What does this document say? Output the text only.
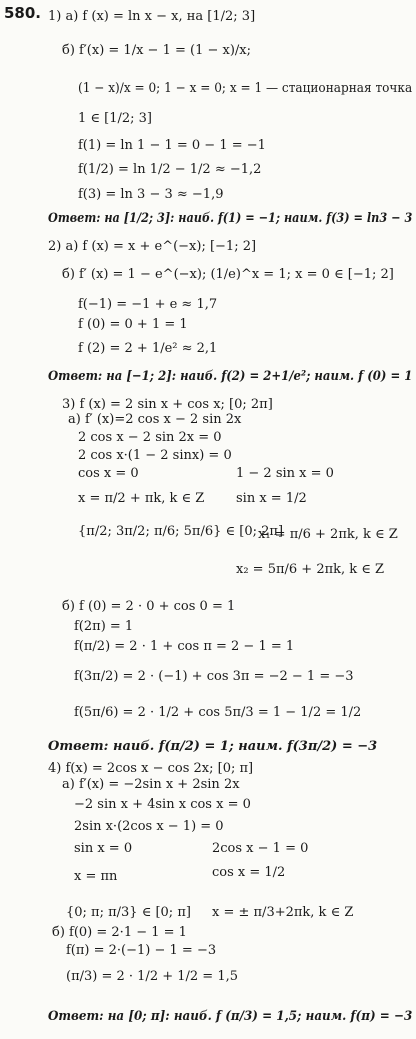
580. 1) а) f (x) = ln x − x, на [1/2; 3]
б) f′(x) = 1/x − 1 = (1 − x)/x;
(1 − x)/x = 0; 1 − x = 0; x = 1 — стационарная точка
1 ∈ [1/2; 3]
f(1) = ln 1 − 1 = 0 − 1 = −1
f(1/2) = ln 1/2 − 1/2 ≈ −1,2
f(3) = ln 3 − 3 ≈ −1,9
Ответ: на [1/2; 3]: наиб. f(1) = −1; наим. f(3) = ln3 − 3
2) а) f (x) = x + e^(−x); [−1; 2]
б) f′ (x) = 1 − e^(−x); (1/e)^x = 1; x = 0 ∈ [−1; 2]
f(−1) = −1 + e ≈ 1,7
f (0) = 0 + 1 = 1
f (2) = 2 + 1/e² ≈ 2,1
Ответ: на [−1; 2]: наиб. f(2) = 2+1/e²; наим. f (0) = 1
3) f (x) = 2 sin x + cos x; [0; 2π]
а) f′ (x)=2 cos x − 2 sin 2x
2 cos x − 2 sin 2x = 0
2 cos x·(1 − 2 sinx) = 0
cos x = 0	1 − 2 sin x = 0
x = π/2 + πk, k ∈ Z sin x = 1/2
{π/2; 3π/2; π/6; 5π/6} ∈ [0; 2π]
x₁ = π/6 + 2πk, k ∈ Z
x₂ = 5π/6 + 2πk, k ∈ Z
б) f (0) = 2 · 0 + cos 0 = 1
f(2π) = 1
f(π/2) = 2 · 1 + cos π = 2 − 1 = 1
f(3π/2) = 2 · (−1) + cos 3π = −2 − 1 = −3
f(5π/6) = 2 · 1/2 + cos 5π/3 = 1 − 1/2 = 1/2
Ответ: наиб. f(π/2) = 1; наим. f(3π/2) = −3
4) f(x) = 2cos x − cos 2x; [0; π]
а) f′(x) = −2sin x + 2sin 2x
−2 sin x + 4sin x cos x = 0
2sin x·(2cos x − 1) = 0
sin x = 0	2cos x − 1 = 0
x = πn	cos x = 1/2
{0; π; π/3} ∈ [0; π] x = ± π/3+2πk, k ∈ Z
б) f(0) = 2·1 − 1 = 1
f(π) = 2·(−1) − 1 = −3
(π/3) = 2 · 1/2 + 1/2 = 1,5
Ответ: на [0; π]: наиб. f (π/3) = 1,5; наим. f(π) = −3
